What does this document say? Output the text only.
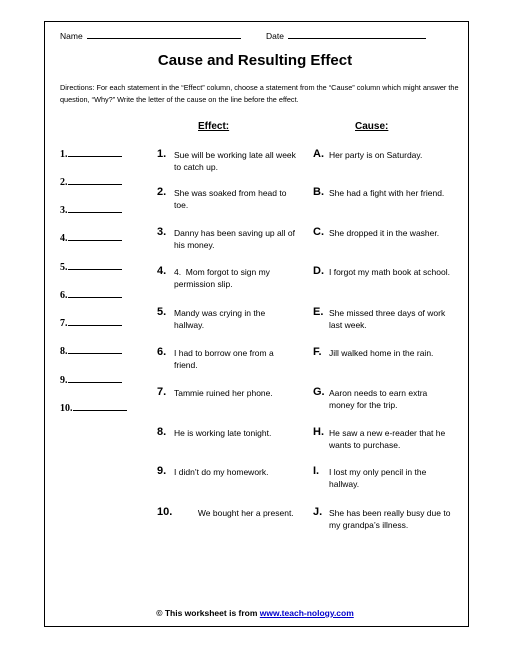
Name	Date
Cause and Resulting Effect
Directions: For each statement in the “Effect” column, choose a statement from the “Cause” column which might answer the question, “Why?” Write the letter of the cause on the line before the effect.
Effect:	Cause:
1.
2.
3.
4.
5.
6.
7.
8.
9.
10.
1. Sue will be working late all week to catch up.
2. She was soaked from head to toe.
3. Danny has been saving up all of his money.
4. 4.  Mom forgot to sign my permission slip.
5. Mandy was crying in the hallway.
6. I had to borrow one from a friend.
7. Tammie ruined her phone.
8. He is working late tonight.
9. I didn’t do my homework.
10. We bought her a present.
A. Her party is on Saturday.
B. She had a fight with her friend.
C. She dropped it in the washer.
D. I forgot my math book at school.
E. She missed three days of work last week.
F. Jill walked home in the rain.
G. Aaron needs to earn extra money for the trip.
H. He saw a new e-reader that he wants to purchase.
I.	I lost my only pencil in the hallway.
J. She has been really busy due to my grandpa’s illness.
© This worksheet is from www.teach-nology.com
